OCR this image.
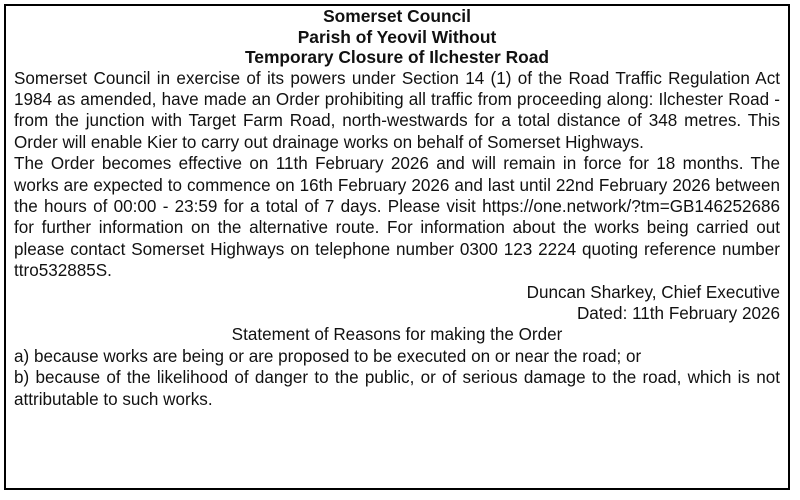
Somerset Council
Parish of Yeovil Without
Temporary Closure of Ilchester Road

Somerset Council in exercise of its powers under Section 14 (1) of the Road Traffic Regulation Act 1984 as amended, have made an Order prohibiting all traffic from proceeding along: Ilchester Road - from the junction with Target Farm Road, north-westwards for a total distance of 348 metres. This Order will enable Kier to carry out drainage works on behalf of Somerset Highways.

The Order becomes effective on 11th February 2026 and will remain in force for 18 months. The works are expected to commence on 16th February 2026 and last until 22nd February 2026 between the hours of 00:00 - 23:59 for a total of 7 days. Please visit https://one.network/?tm=GB146252686 for further information on the alternative route. For information about the works being carried out please contact Somerset Highways on telephone number 0300 123 2224 quoting reference number ttro532885S.

Duncan Sharkey, Chief Executive

Dated: 11th February 2026

Statement of Reasons for making the Order

a) because works are being or are proposed to be executed on or near the road; or

b) because of the likelihood of danger to the public, or of serious damage to the road, which is not attributable to such works.
